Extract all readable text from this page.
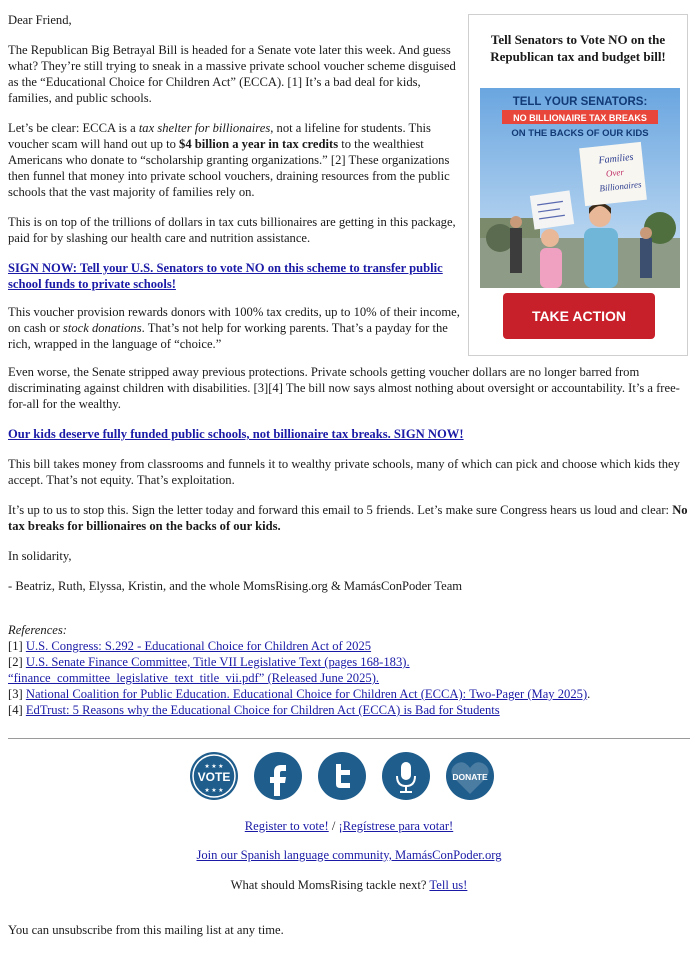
Dear Friend,

The Republican Big Betrayal Bill is headed for a Senate vote later this week. And guess what? They’re still trying to sneak in a massive private school voucher scheme disguised as the “Educational Choice for Children Act” (ECCA). [1] It’s a bad deal for kids, families, and public schools.

Let’s be clear: ECCA is a tax shelter for billionaires, not a lifeline for students. This voucher scam will hand out up to $4 billion a year in tax credits to the wealthiest Americans who donate to “scholarship granting organizations.” [2] These organizations then funnel that money into private school vouchers, draining resources from the public schools that the vast majority of families rely on.

This is on top of the trillions of dollars in tax cuts billionaires are getting in this package, paid for by slashing our health care and nutrition assistance.

SIGN NOW: Tell your U.S. Senators to vote NO on this scheme to transfer public school funds to private schools!

This voucher provision rewards donors with 100% tax credits, up to 10% of their income, on cash or stock donations. That’s not help for working parents. That’s a payday for the rich, wrapped in the language of “choice.”

Even worse, the Senate stripped away previous protections. Private schools getting voucher dollars are no longer barred from discriminating against children with disabilities. [3][4] The bill now says almost nothing about oversight or accountability. It’s a free-for-all for the wealthy.

Our kids deserve fully funded public schools, not billionaire tax breaks. SIGN NOW!

This bill takes money from classrooms and funnels it to wealthy private schools, many of which can pick and choose which kids they accept. That’s not equity. That’s exploitation.

It’s up to us to stop this. Sign the letter today and forward this email to 5 friends. Let’s make sure Congress hears us loud and clear: No tax breaks for billionaires on the backs of our kids.

In solidarity,

- Beatriz, Ruth, Elyssa, Kristin, and the whole MomsRising.org & MamásConPoder Team

Tell Senators to Vote NO on the Republican tax and budget bill!
TELL YOUR SENATORS:
NO BILLIONAIRE TAX BREAKS
ON THE BACKS OF OUR KIDS
Families
Over
Billionaires
TAKE ACTION
References:
[1] U.S. Congress: S.292 - Educational Choice for Children Act of 2025
[2] U.S. Senate Finance Committee, Title VII Legislative Text (pages 168-183). “finance_committee_legislative_text_title_vii.pdf” (Released June 2025).
[3] National Coalition for Public Education. Educational Choice for Children Act (ECCA): Two-Pager (May 2025).
[4] EdTrust: 5 Reasons why the Educational Choice for Children Act (ECCA) is Bad for Students
VOTE
★ ★ ★
★ ★ ★
DONATE
Register to vote! / ¡Regístrese para votar!
Join our Spanish language community, MamásConPoder.org
What should MomsRising tackle next? Tell us!
You can unsubscribe from this mailing list at any time.
